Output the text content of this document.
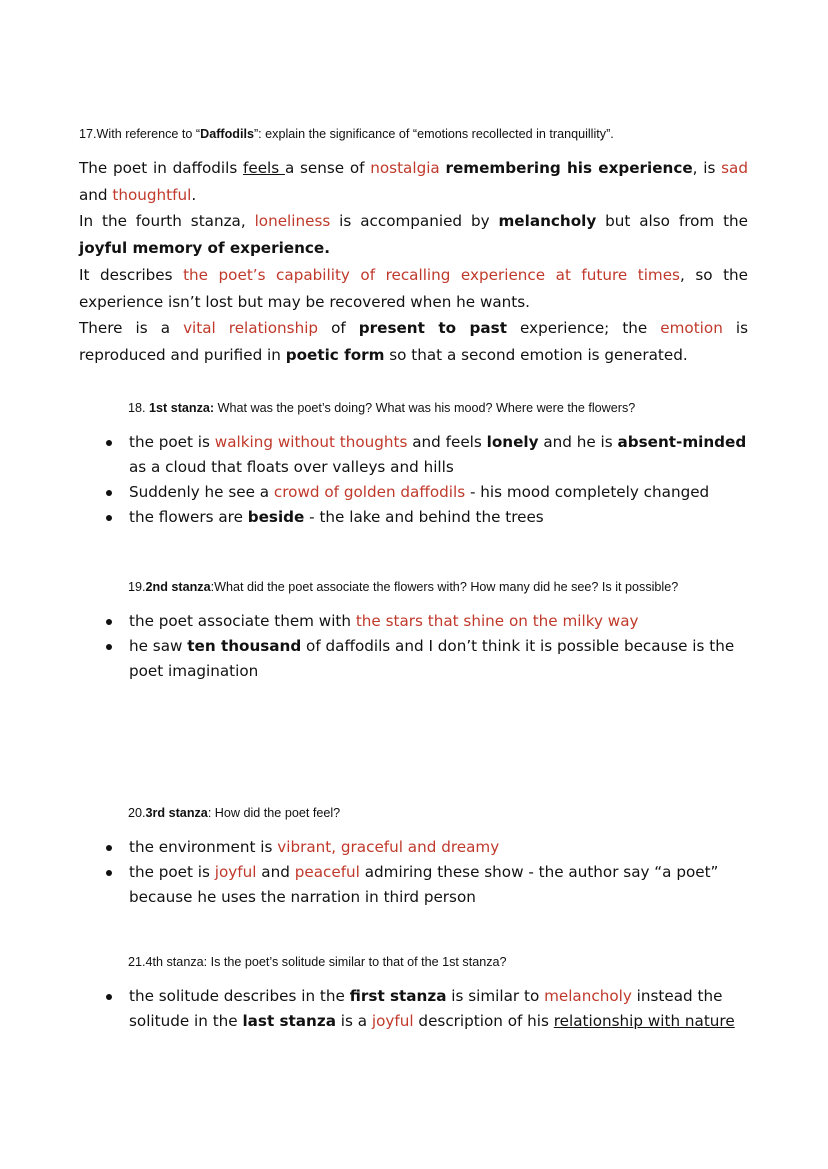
17.With reference to “Daffodils”: explain the significance of “emotions recollected in tranquillity”.
The poet in daffodils feels a sense of nostalgia remembering his experience, is sad
and thoughtful.
In the fourth stanza, loneliness is accompanied by melancholy but also from the
joyful memory of experience.
It describes the poet’s capability of recalling experience at future times, so the
experience isn’t lost but may be recovered when he wants.
There is a vital relationship of present to past experience; the emotion is
reproduced and purified in poetic form so that a second emotion is generated.
18. 1st stanza: What was the poet’s doing? What was his mood? Where were the flowers?
the poet is walking without thoughts and feels lonely and he is absent-minded as a cloud that floats over valleys and hills
Suddenly he see a crowd of golden daffodils - his mood completely changed
the flowers are beside - the lake and behind the trees
19.2nd stanza:What did the poet associate the flowers with? How many did he see? Is it possible?
the poet associate them with the stars that shine on the milky way
he saw ten thousand of daffodils and I don’t think it is possible because is the poet imagination
20.3rd stanza: How did the poet feel?
the environment is vibrant, graceful and dreamy
the poet is joyful and peaceful admiring these show - the author say “a poet” because he uses the narration in third person
21.4th stanza: Is the poet’s solitude similar to that of the 1st stanza?
the solitude describes in the first stanza is similar to melancholy instead the solitude in the last stanza is a joyful description of his relationship with nature
